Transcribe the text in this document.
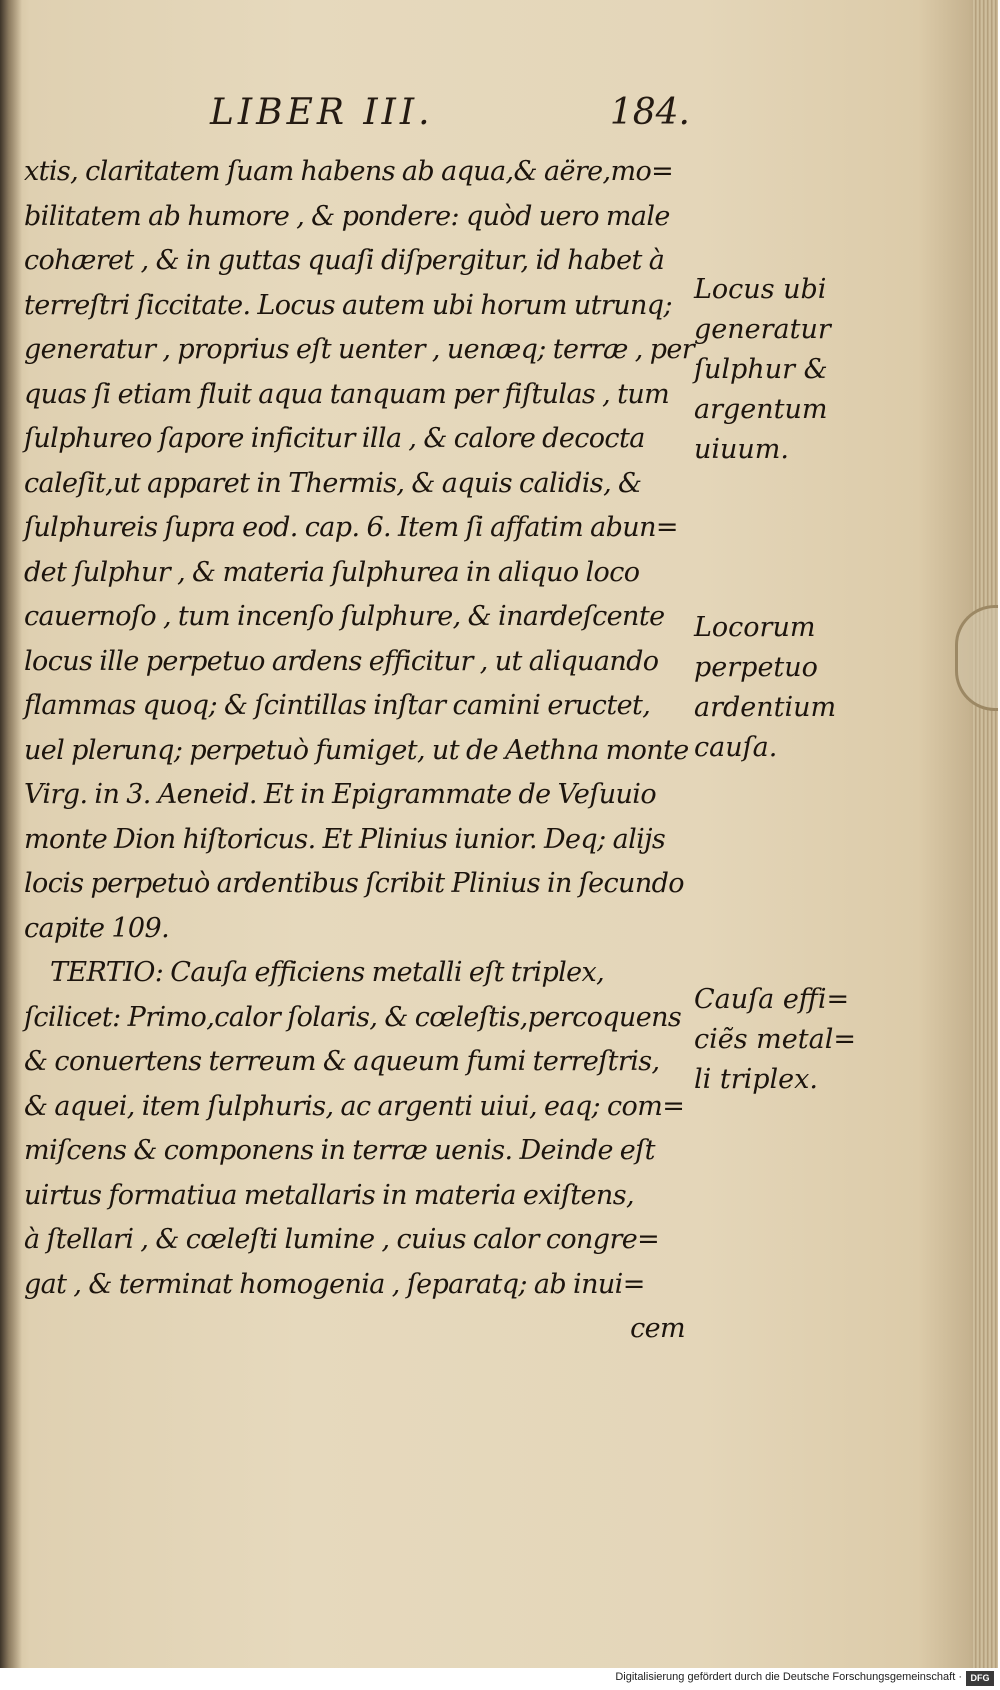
LIBER III.	184.
xtis, claritatem ſuam habens ab aqua,& aëre,mo=
bilitatem ab humore , & pondere: quòd uero male
cohæret , & in guttas quaſi diſpergitur, id habet à
terreſtri ſiccitate. Locus autem ubi horum utrunq;
generatur , proprius eſt uenter , uenæq; terræ , per
quas ſi etiam fluit aqua tanquam per fiſtulas , tum
ſulphureo ſapore inficitur illa , & calore decocta
caleſit,ut apparet in Thermis, & aquis calidis, &
ſulphureis ſupra eod. cap. 6. Item ſi affatim abun=
det ſulphur , & materia ſulphurea in aliquo loco
cauernoſo , tum incenſo ſulphure, & inardeſcente
locus ille perpetuo ardens efficitur , ut aliquando
flammas quoq; & ſcintillas inſtar camini eructet,
uel plerunq; perpetuò fumiget, ut de Aethna monte
Virg. in 3. Aeneid. Et in Epigrammate de Veſuuio
monte Dion hiſtoricus. Et Plinius iunior. Deq; aliјs
locis perpetuò ardentibus ſcribit Plinius in ſecundo
capite 109.
TERTIO: Cauſa efficiens metalli eſt triplex,
ſcilicet: Primo,calor ſolaris, & cœleſtis,percoquens
& conuertens terreum & aqueum fumi terreſtris,
& aquei, item ſulphuris, ac argenti uiui, eaq; com=
miſcens & componens in terræ uenis. Deinde eſt
uirtus formatiua metallaris in materia exiſtens,
à ſtellari , & cœleſti lumine , cuius calor congre=
gat , & terminat homogenia , ſeparatq; ab inui=
cem
Locus ubi
generatur
ſulphur &
argentum
uiuum.
Locorum
perpetuo
ardentium
cauſa.
Cauſa effi=
ciẽs metal=
li triplex.
Digitalisierung gefördert durch die Deutsche Forschungsgemeinschaft · DFG
